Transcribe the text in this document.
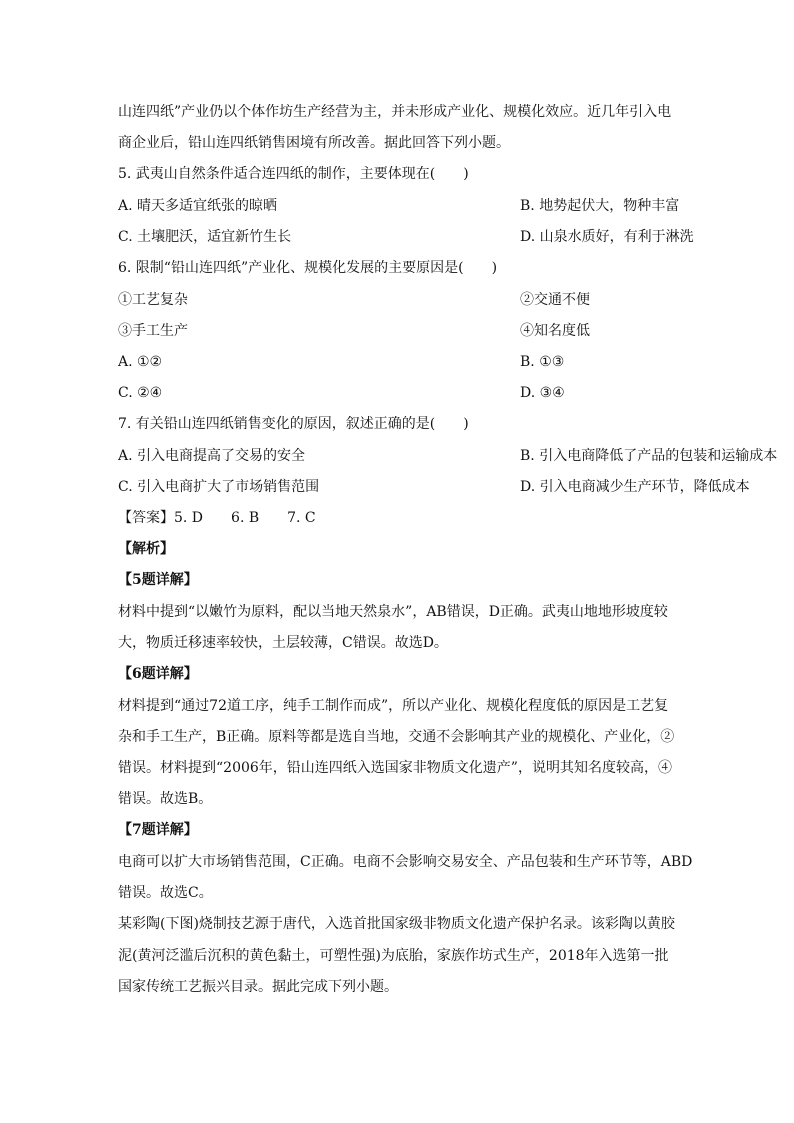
山连四纸”产业仍以个体作坊生产经营为主，并未形成产业化、规模化效应。近几年引入电
商企业后，铅山连四纸销售困境有所改善。据此回答下列小题。
5. 武夷山自然条件适合连四纸的制作，主要体现在(　　)
A. 晴天多适宜纸张的晾晒	B. 地势起伏大，物种丰富
C. 土壤肥沃，适宜新竹生长	D. 山泉水质好，有利于淋洗
6. 限制“铅山连四纸”产业化、规模化发展的主要原因是(　　)
①工艺复杂	②交通不便
③手工生产	④知名度低
A. ①②	B. ①③
C. ②④	D. ③④
7. 有关铅山连四纸销售变化的原因，叙述正确的是(　　)
A. 引入电商提高了交易的安全	B. 引入电商降低了产品的包装和运输成本
C. 引入电商扩大了市场销售范围	D. 引入电商减少生产环节，降低成本
【答案】5. D　　6. B　　7. C
【解析】
【5题详解】
材料中提到“以嫩竹为原料，配以当地天然泉水”，AB错误，D正确。武夷山地地形坡度较
大，物质迁移速率较快，土层较薄，C错误。故选D。
【6题详解】
材料提到“通过72道工序，纯手工制作而成”，所以产业化、规模化程度低的原因是工艺复
杂和手工生产，B正确。原料等都是选自当地，交通不会影响其产业的规模化、产业化，②
错误。材料提到“2006年，铅山连四纸入选国家非物质文化遗产”，说明其知名度较高，④
错误。故选B。
【7题详解】
电商可以扩大市场销售范围，C正确。电商不会影响交易安全、产品包装和生产环节等，ABD
错误。故选C。
某彩陶(下图)烧制技艺源于唐代，入选首批国家级非物质文化遗产保护名录。该彩陶以黄胶
泥(黄河泛滥后沉积的黄色黏土，可塑性强)为底胎，家族作坊式生产，2018年入选第一批
国家传统工艺振兴目录。据此完成下列小题。
